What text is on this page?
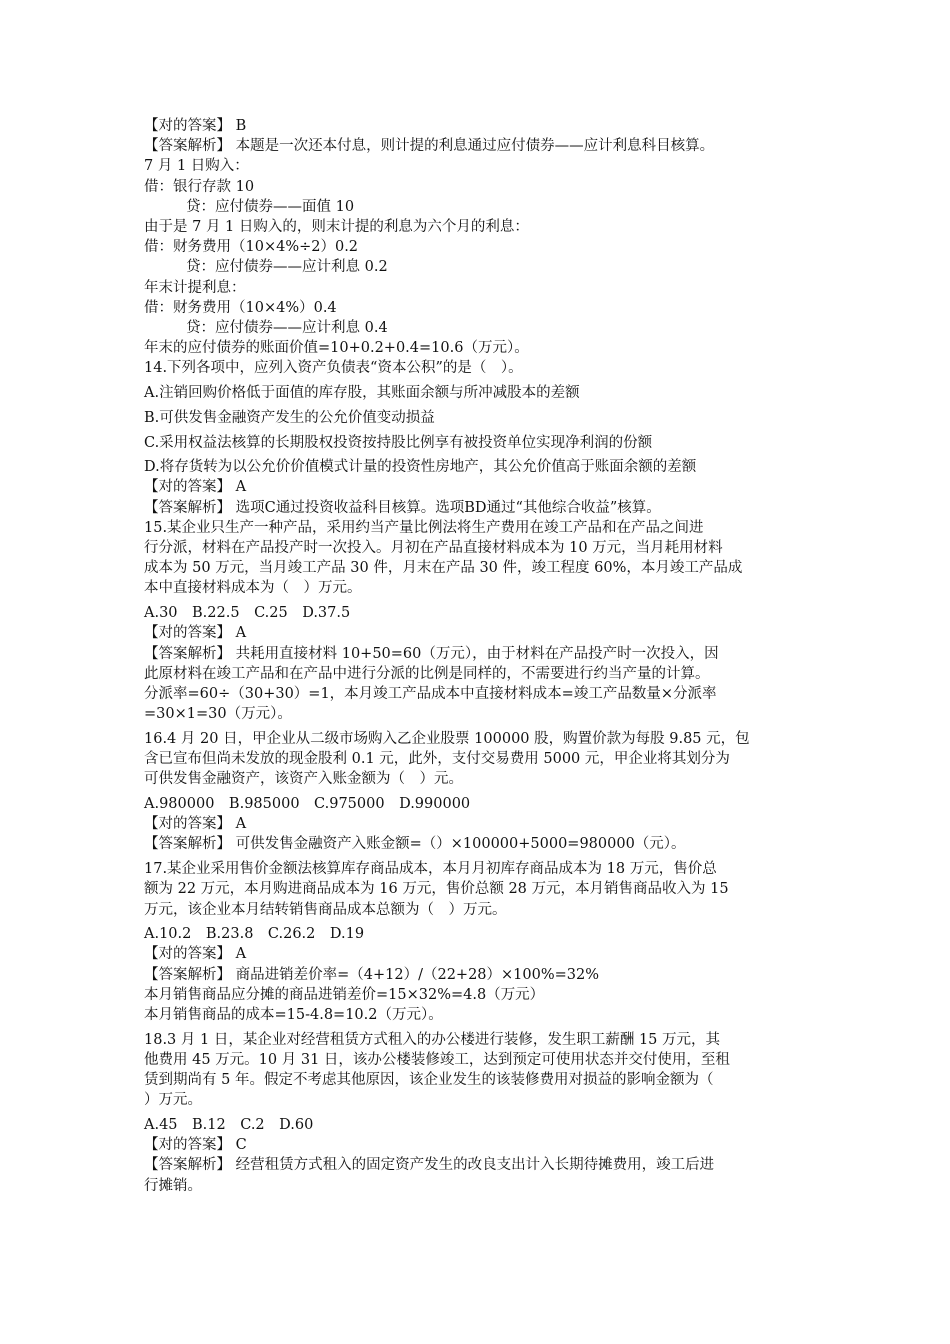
【对的答案】 B

【答案解析】 本题是一次还本付息，则计提的利息通过应付债券——应计利息科目核算。

7 月 1 日购入：

借：银行存款 10

贷：应付债券——面值 10

由于是 7 月 1 日购入的，则末计提的利息为六个月的利息：

借：财务费用（10×4%÷2）0.2

贷：应付债券——应计利息 0.2

年末计提利息：

借：财务费用（10×4%）0.4

贷：应付债券——应计利息 0.4

年末的应付债券的账面价值=10+0.2+0.4=10.6（万元）。

14.下列各项中，应列入资产负债表“资本公积”的是（　）。

A.注销回购价格低于面值的库存股，其账面余额与所冲减股本的差额

B.可供发售金融资产发生的公允价值变动损益

C.采用权益法核算的长期股权投资按持股比例享有被投资单位实现净利润的份额

D.将存货转为以公允价价值模式计量的投资性房地产，其公允价值高于账面余额的差额

【对的答案】 A

【答案解析】 选项C通过投资收益科目核算。选项BD通过“其他综合收益”核算。

15.某企业只生产一种产品，采用约当产量比例法将生产费用在竣工产品和在产品之间进

行分派，材料在产品投产时一次投入。月初在产品直接材料成本为 10 万元，当月耗用材料

成本为 50 万元，当月竣工产品 30 件，月末在产品 30 件，竣工程度 60%，本月竣工产品成

本中直接材料成本为（　）万元。

A.30　B.22.5　C.25　D.37.5

【对的答案】 A

【答案解析】 共耗用直接材料 10+50=60（万元），由于材料在产品投产时一次投入，因

此原材料在竣工产品和在产品中进行分派的比例是同样的，不需要进行约当产量的计算。

分派率=60÷（30+30）=1，本月竣工产品成本中直接材料成本=竣工产品数量×分派率

=30×1=30（万元）。

16.4 月 20 日，甲企业从二级市场购入乙企业股票 100000 股，购置价款为每股 9.85 元，包

含已宣布但尚未发放的现金股利 0.1 元，此外，支付交易费用 5000 元，甲企业将其划分为

可供发售金融资产，该资产入账金额为（　）元。

A.980000　B.985000　C.975000　D.990000

【对的答案】 A

【答案解析】 可供发售金融资产入账金额=（）×100000+5000=980000（元）。

17.某企业采用售价金额法核算库存商品成本，本月月初库存商品成本为 18 万元，售价总

额为 22 万元，本月购进商品成本为 16 万元，售价总额 28 万元，本月销售商品收入为 15

万元，该企业本月结转销售商品成本总额为（　）万元。

A.10.2　B.23.8　C.26.2　D.19

【对的答案】 A

【答案解析】 商品进销差价率=（4+12）/（22+28）×100%=32%

本月销售商品应分摊的商品进销差价=15×32%=4.8（万元）

本月销售商品的成本=15-4.8=10.2（万元）。

18.3 月 1 日，某企业对经营租赁方式租入的办公楼进行装修，发生职工薪酬 15 万元，其

他费用 45 万元。10 月 31 日，该办公楼装修竣工，达到预定可使用状态并交付使用，至租

赁到期尚有 5 年。假定不考虑其他原因，该企业发生的该装修费用对损益的影响金额为（

）万元。

A.45　B.12　C.2　D.60

【对的答案】 C

【答案解析】 经营租赁方式租入的固定资产发生的改良支出计入长期待摊费用，竣工后进

行摊销。
